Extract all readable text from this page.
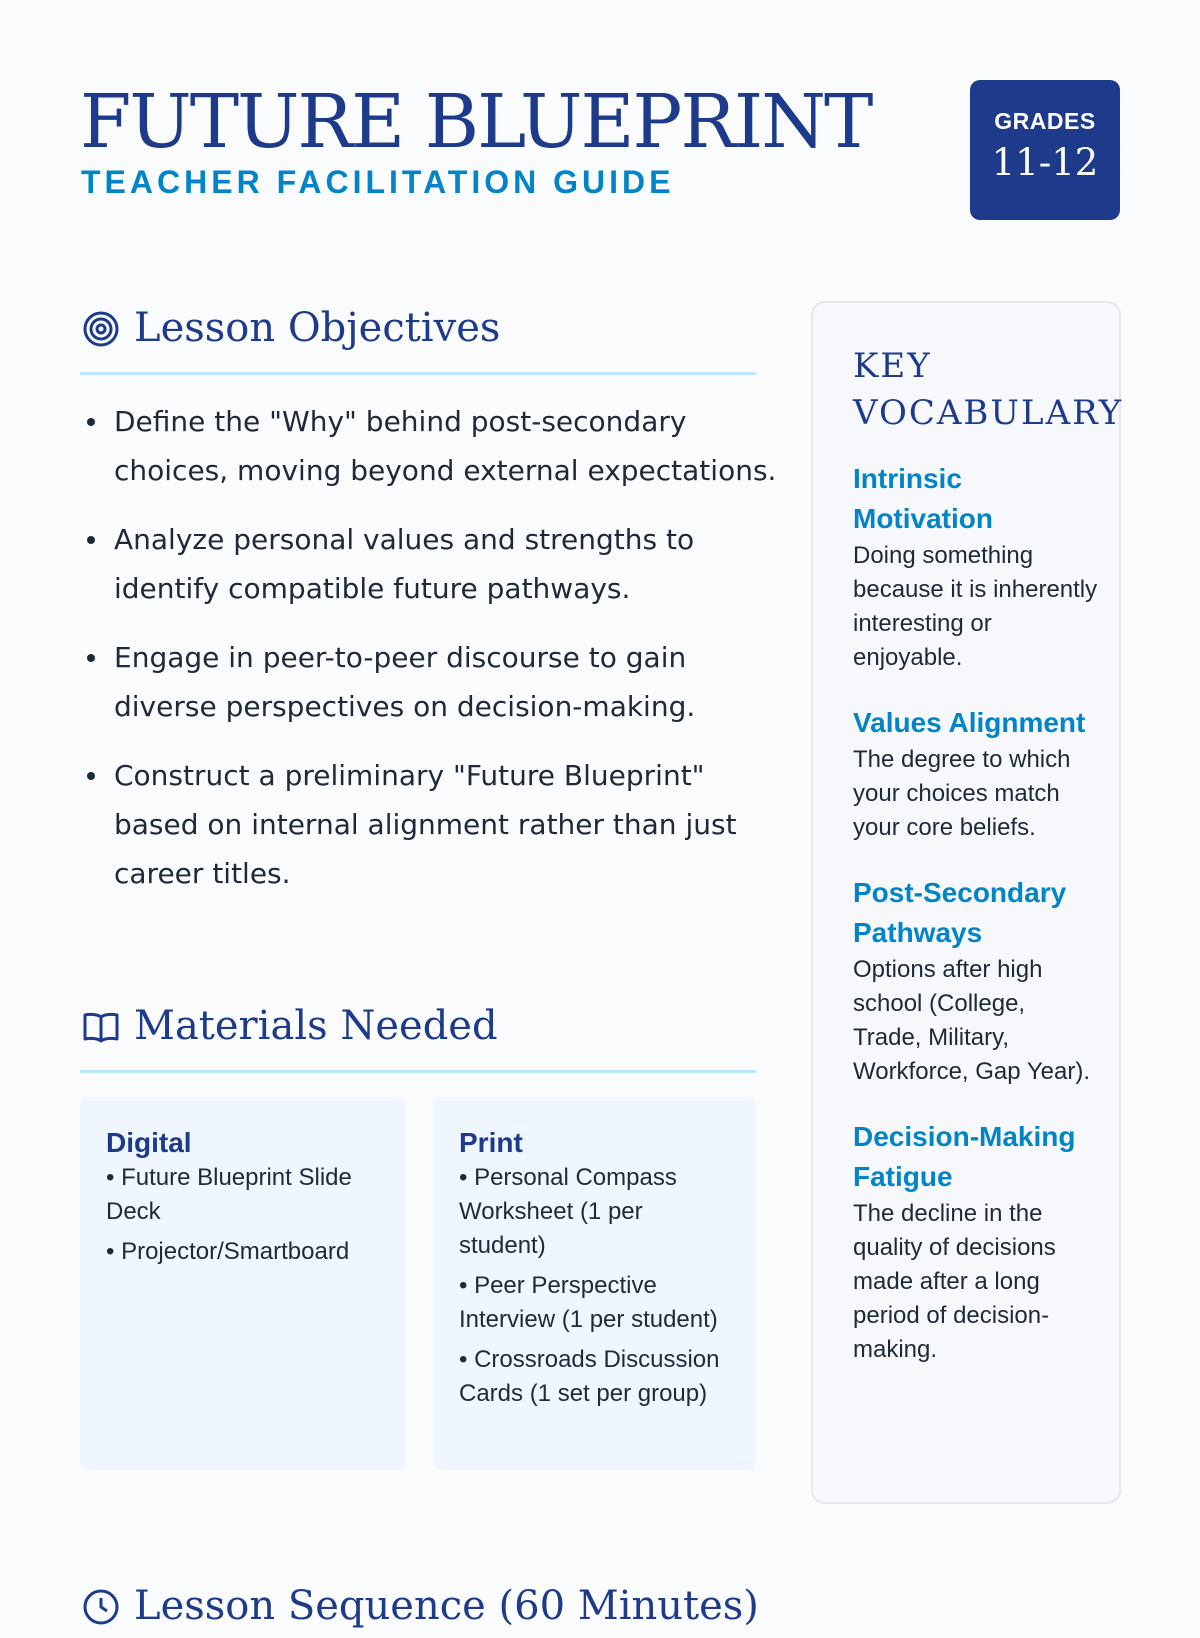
FUTURE BLUEPRINT
TEACHER FACILITATION GUIDE
GRADES
11-12
Lesson Objectives
Define the "Why" behind post-secondary choices, moving beyond external expectations.
Analyze personal values and strengths to identify compatible future pathways.
Engage in peer-to-peer discourse to gain diverse perspectives on decision-making.
Construct a preliminary "Future Blueprint" based on internal alignment rather than just career titles.
Materials Needed
Digital
• Future Blueprint Slide Deck
• Projector/Smartboard
Print
• Personal Compass Worksheet (1 per student)
• Peer Perspective Interview (1 per student)
• Crossroads Discussion Cards (1 set per group)
KEY VOCABULARY
Intrinsic Motivation
Doing something because it is inherently interesting or enjoyable.
Values Alignment
The degree to which your choices match your core beliefs.
Post-Secondary Pathways
Options after high school (College, Trade, Military, Workforce, Gap Year).
Decision-Making Fatigue
The decline in the quality of decisions made after a long period of decision-making.
Lesson Sequence (60 Minutes)
